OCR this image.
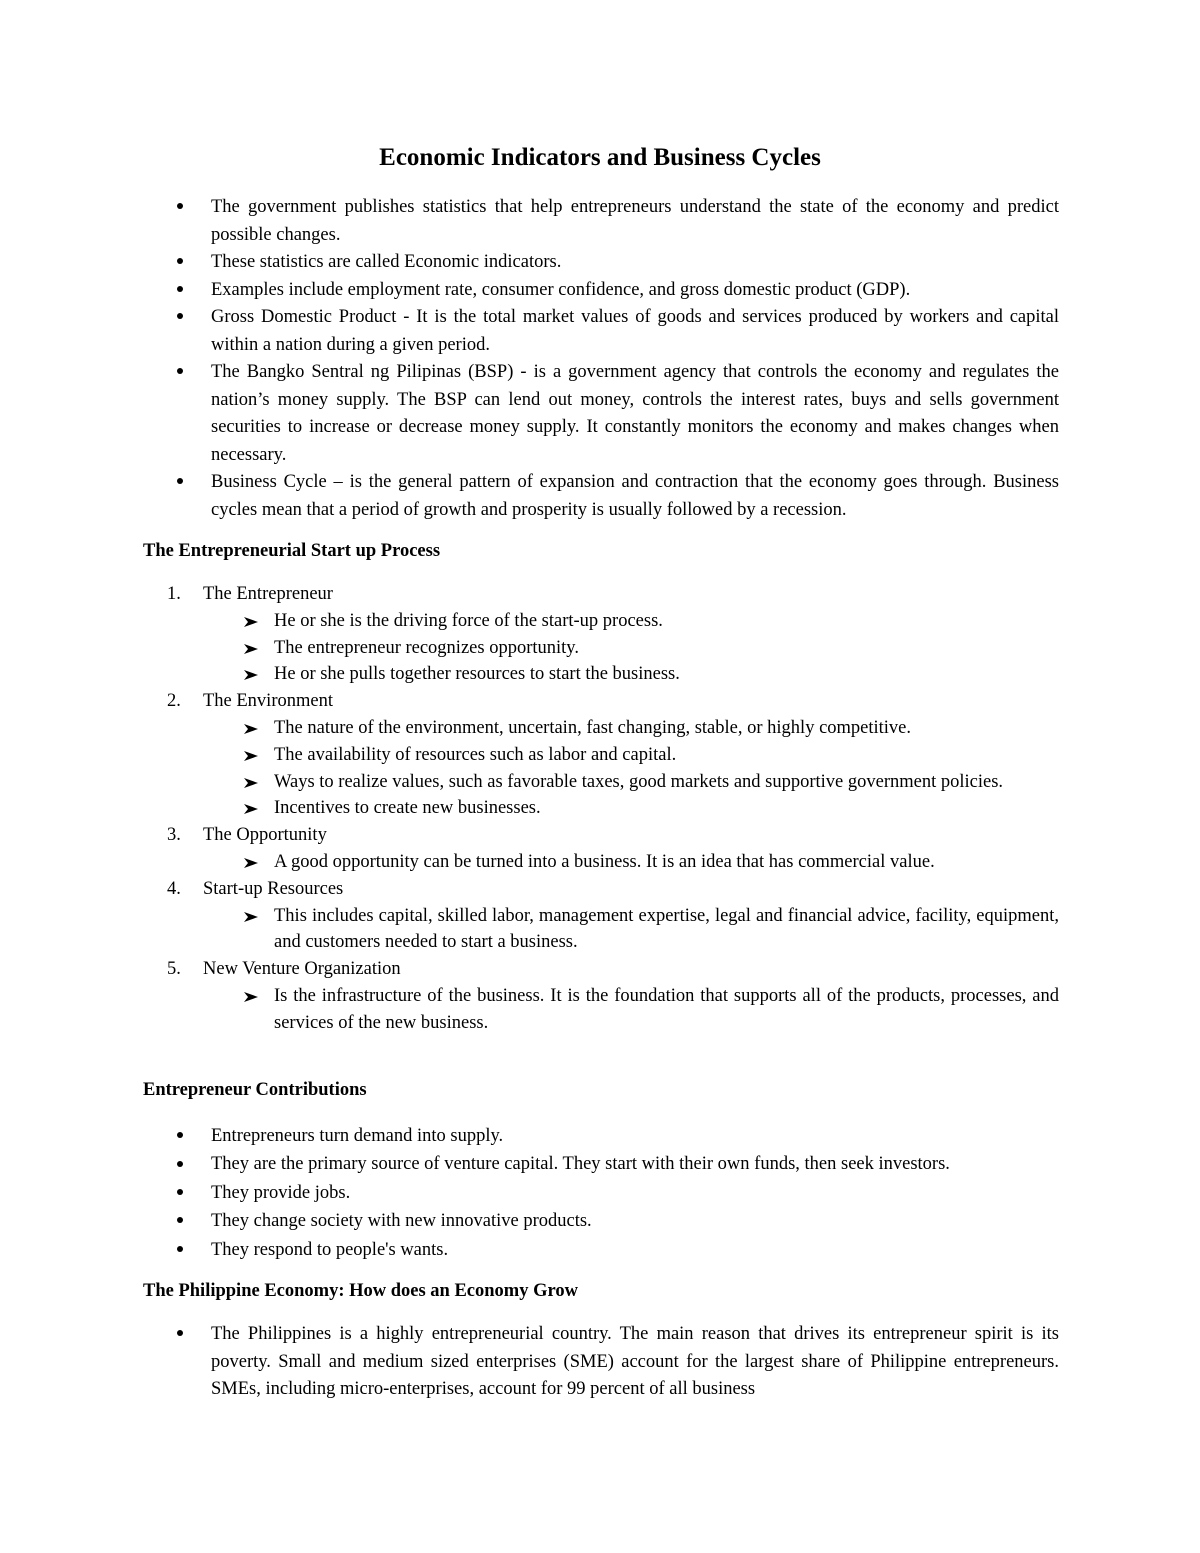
Economic Indicators and Business Cycles
The government publishes statistics that help entrepreneurs understand the state of the economy and predict possible changes.
These statistics are called Economic indicators.
Examples include employment rate, consumer confidence, and gross domestic product (GDP).
Gross Domestic Product - It is the total market values of goods and services produced by workers and capital within a nation during a given period.
The Bangko Sentral ng Pilipinas (BSP) - is a government agency that controls the economy and regulates the nation’s money supply. The BSP can lend out money, controls the interest rates, buys and sells government securities to increase or decrease money supply. It constantly monitors the economy and makes changes when necessary.
Business Cycle – is the general pattern of expansion and contraction that the economy goes through. Business cycles mean that a period of growth and prosperity is usually followed by a recession.
The Entrepreneurial Start up Process
1. The Entrepreneur
He or she is the driving force of the start-up process.
The entrepreneur recognizes opportunity.
He or she pulls together resources to start the business.
2. The Environment
The nature of the environment, uncertain, fast changing, stable, or highly competitive.
The availability of resources such as labor and capital.
Ways to realize values, such as favorable taxes, good markets and supportive government policies.
Incentives to create new businesses.
3. The Opportunity
A good opportunity can be turned into a business. It is an idea that has commercial value.
4. Start-up Resources
This includes capital, skilled labor, management expertise, legal and financial advice, facility, equipment, and customers needed to start a business.
5. New Venture Organization
Is the infrastructure of the business. It is the foundation that supports all of the products, processes, and services of the new business.
Entrepreneur Contributions
Entrepreneurs turn demand into supply.
They are the primary source of venture capital. They start with their own funds, then seek investors.
They provide jobs.
They change society with new innovative products.
They respond to people's wants.
The Philippine Economy: How does an Economy Grow
The Philippines is a highly entrepreneurial country. The main reason that drives its entrepreneur spirit is its poverty. Small and medium sized enterprises (SME) account for the largest share of Philippine entrepreneurs. SMEs, including micro-enterprises, account for 99 percent of all business
